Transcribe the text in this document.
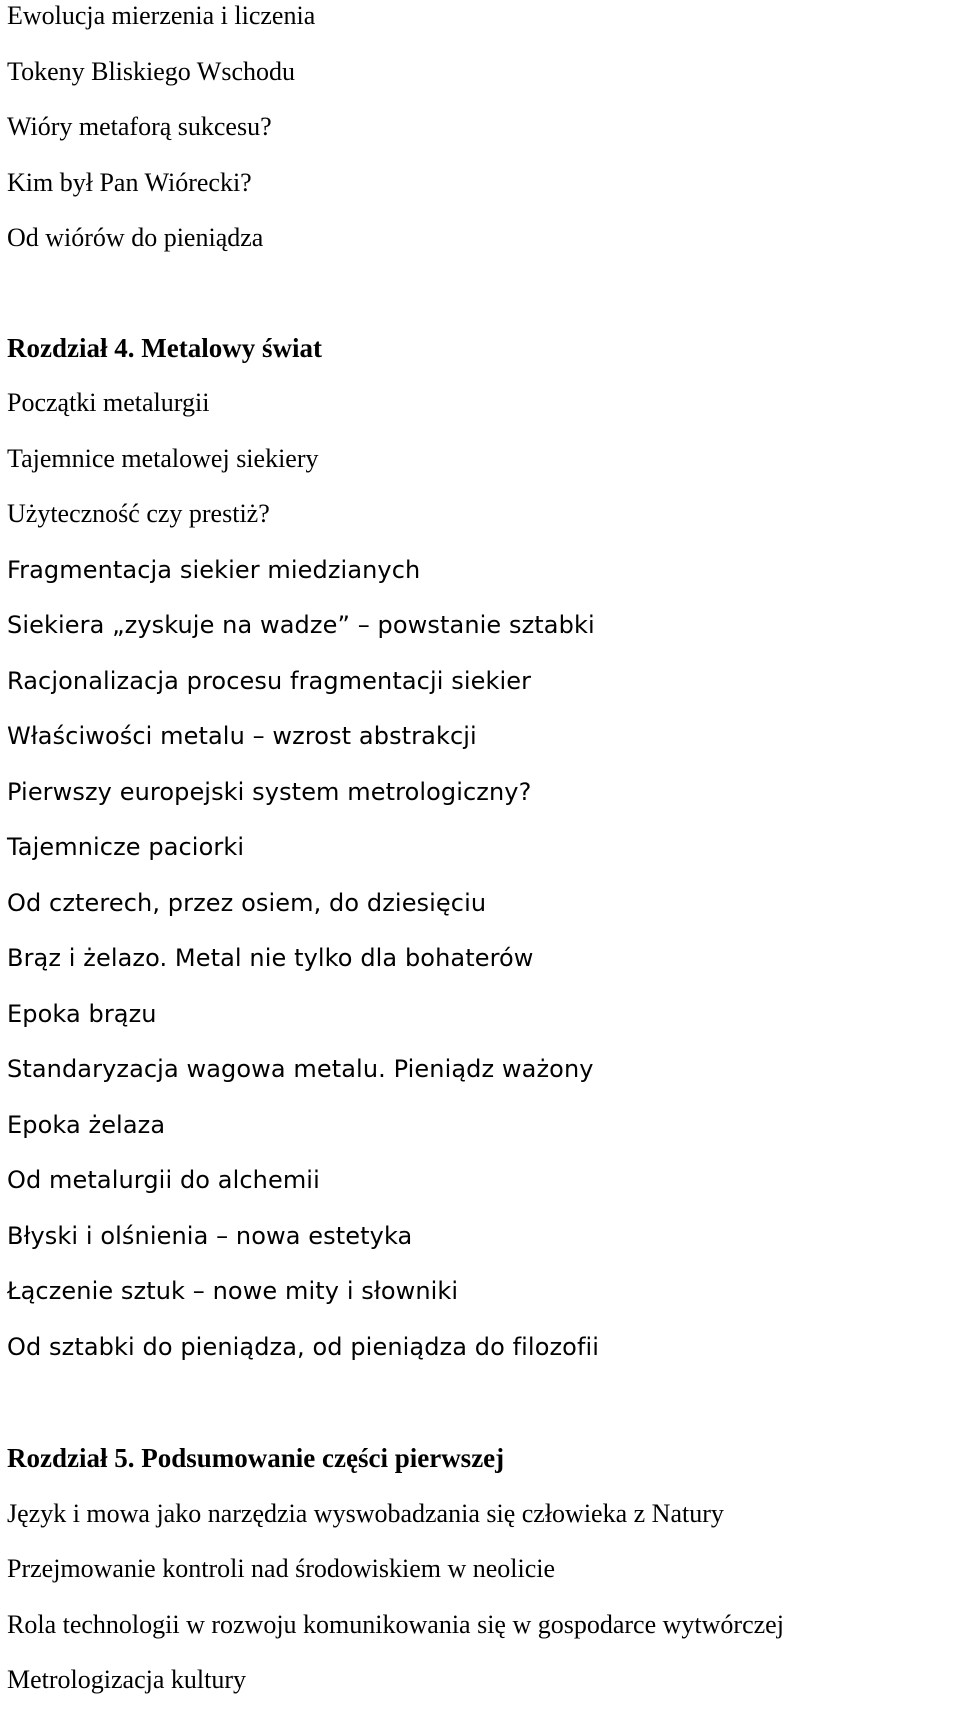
Ewolucja mierzenia i liczenia
Tokeny Bliskiego Wschodu
Wióry metaforą sukcesu?
Kim był Pan Wiórecki?
Od wiórów do pieniądza
Rozdział 4. Metalowy świat
Początki metalurgii
Tajemnice metalowej siekiery
Użyteczność czy prestiż?
Fragmentacja siekier miedzianych
Siekiera „zyskuje na wadze” – powstanie sztabki
Racjonalizacja procesu fragmentacji siekier
Właściwości metalu – wzrost abstrakcji
Pierwszy europejski system metrologiczny?
Tajemnicze paciorki
Od czterech, przez osiem, do dziesięciu
Brąz i żelazo. Metal nie tylko dla bohaterów
Epoka brązu
Standaryzacja wagowa metalu. Pieniądz ważony
Epoka żelaza
Od metalurgii do alchemii
Błyski i olśnienia – nowa estetyka
Łączenie sztuk – nowe mity i słowniki
Od sztabki do pieniądza, od pieniądza do filozofii
Rozdział 5. Podsumowanie części pierwszej
Język i mowa jako narzędzia wyswobadzania się człowieka z Natury
Przejmowanie kontroli nad środowiskiem w neolicie
Rola technologii w rozwoju komunikowania się w gospodarce wytwórczej
Metrologizacja kultury
